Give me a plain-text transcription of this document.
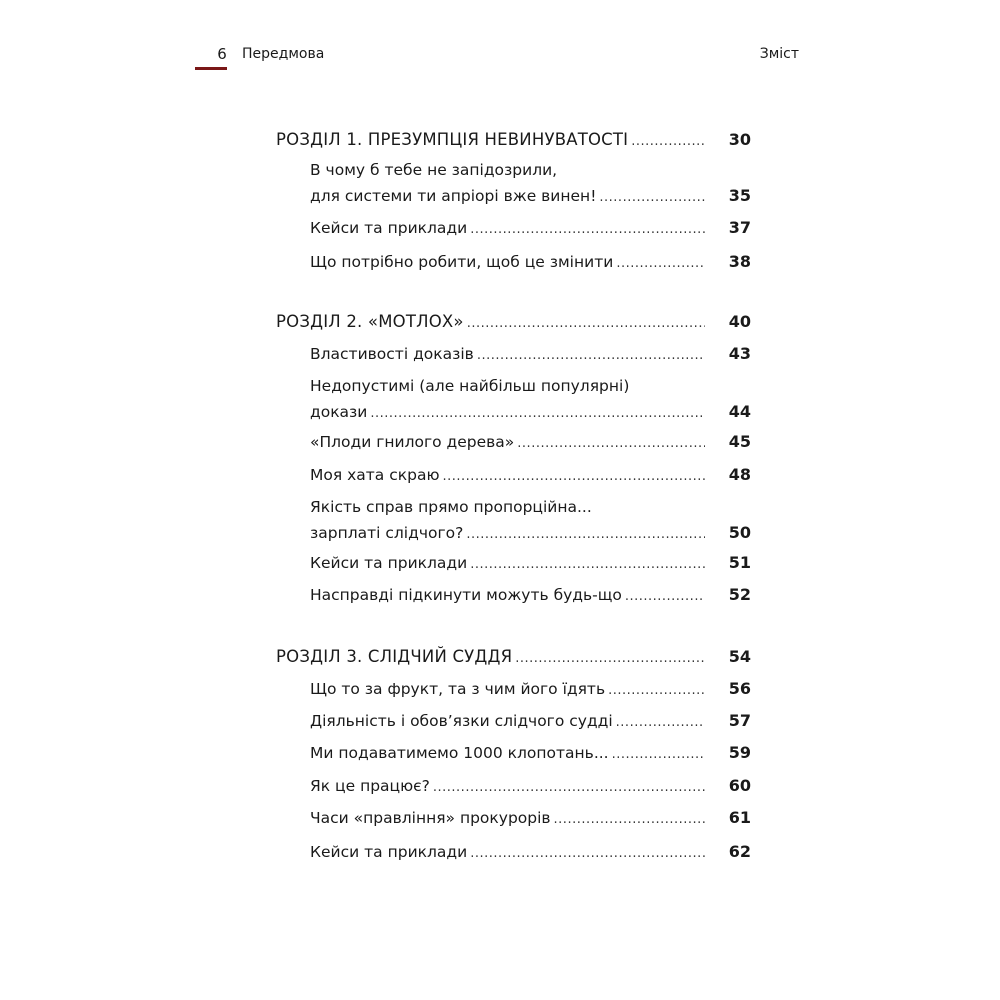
6 Передмова	Зміст
РОЗДІЛ 1. ПРЕЗУМПЦІЯ НЕВИНУВАТОСТІ .....	30
В чому б тебе не запідозрили,
для системи ти апріорі вже винен! .....	35
Кейси та приклади .....	37
Що потрібно робити, щоб це змінити .....	38
РОЗДІЛ 2. «МОТЛОХ» .....	40
Властивості доказів .....	43
Недопустимі (але найбільш популярні)
докази .....	44
«Плоди гнилого дерева» .....	45
Моя хата скраю .....	48
Якість справ прямо пропорційна...
зарплаті слідчого? .....	50
Кейси та приклади .....	51
Насправді підкинути можуть будь-що .....	52
РОЗДІЛ 3. СЛІДЧИЙ СУДДЯ .....	54
Що то за фрукт, та з чим його їдять .....	56
Діяльність і обов’язки слідчого судді .....	57
Ми подаватимемо 1000 клопотань... .....	59
Як це працює? .....	60
Часи «правління» прокурорів .....	61
Кейси та приклади .....	62
